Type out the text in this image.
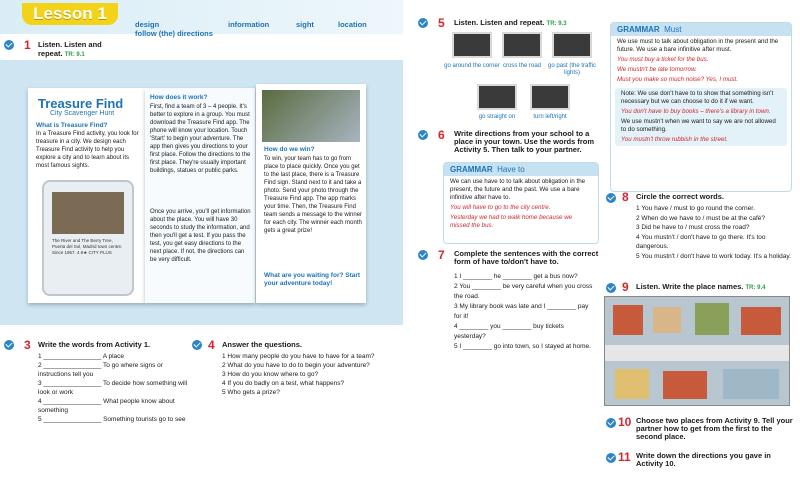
Lesson 1
design	information	sight	location
follow (the) directions
1 Listen. Listen and repeat. TR: 9.1
Treasure Find
City Scavenger Hunt
What is Treasure Find?
In a Treasure Find activity, you look for treasure in a city. We design each Treasure Find activity to help you explore a city and to learn about its most famous sights.
The River and The Berry Tree, Puerta del Sol, Madrid town centre. Since 1967. 4.9★ CITY PLUS
How does it work?
First, find a team of 3 – 4 people. It's better to explore in a group. You must download the Treasure Find app. The phone will know your location. Touch 'Start' to begin your adventure. The app then gives you directions to your first place. Follow the directions to the first place. They're usually important buildings, statues or public parks.
Once you arrive, you'll get information about the place. You will have 30 seconds to study the information, and then you'll get a test. If you pass the test, you get easy directions to the next place. If not, the directions can be very difficult.
How do we win?
To win, your team has to go from place to place quickly. Once you get to the last place, there is a Treasure Find sign. Stand next to it and take a photo. Send your photo through the Treasure Find app. The app marks your time. Then, the Treasure Find team sends a message to the winner for each city. The winner each month gets a great prize!
What are you waiting for? Start your adventure today!
3 Write the words from Activity 1.
1 ________________ A place
2 ________________ To go where signs or instructions tell you
3 ________________ To decide how something will look or work
4 ________________ What people know about something
5 ________________ Something tourists go to see
4 Answer the questions.
1 How many people do you have to have for a team?
2 What do you have to do to begin your adventure?
3 How do you know where to go?
4 If you do badly on a test, what happens?
5 Who gets a prize?
5 Listen. Listen and repeat. TR: 9.3
go around the corner cross the road	go past (the traffic lights)
go straight on	turn left/right
6 Write directions from your school to a place in your town. Use the words from Activity 5. Then talk to your partner.
GRAMMAR Have to
We can use have to to talk about obligation in the present, the future and the past. We use a bare infinitive after have to.
You will have to go to the city centre.
Yesterday we had to walk home because we missed the bus.
7 Complete the sentences with the correct form of have to/don't have to.
1 I ________ he ________ get a bus now?
2 You ________ be very careful when you cross the road.
3 My library book was late and I ________ pay for it!
4 ________ you ________ buy tickets yesterday?
5 I ________ go into town, so I stayed at home.
GRAMMAR Must
We use must to talk about obligation in the present and the future. We use a bare infinitive after must.
You must buy a ticket for the bus.
We mustn't be late tomorrow.
Must you make so much noise? Yes, I must.
Note: We use don't have to to show that something isn't necessary but we can choose to do it if we want.
You don't have to buy books – there's a library in town.
We use mustn't when we want to say we are not allowed to do something.
You mustn't throw rubbish in the street.
8 Circle the correct words.
1 You have / must to go round the corner.
2 When do we have to / must be at the café?
3 Did he have to / must cross the road?
4 You mustn't / don't have to go there. It's too dangerous.
5 You mustn't / don't have to work today. It's a holiday.
9 Listen. Write the place names. TR: 9.4
10 Choose two places from Activity 9. Tell your partner how to get from the first to the second place.
11 Write down the directions you gave in Activity 10.
